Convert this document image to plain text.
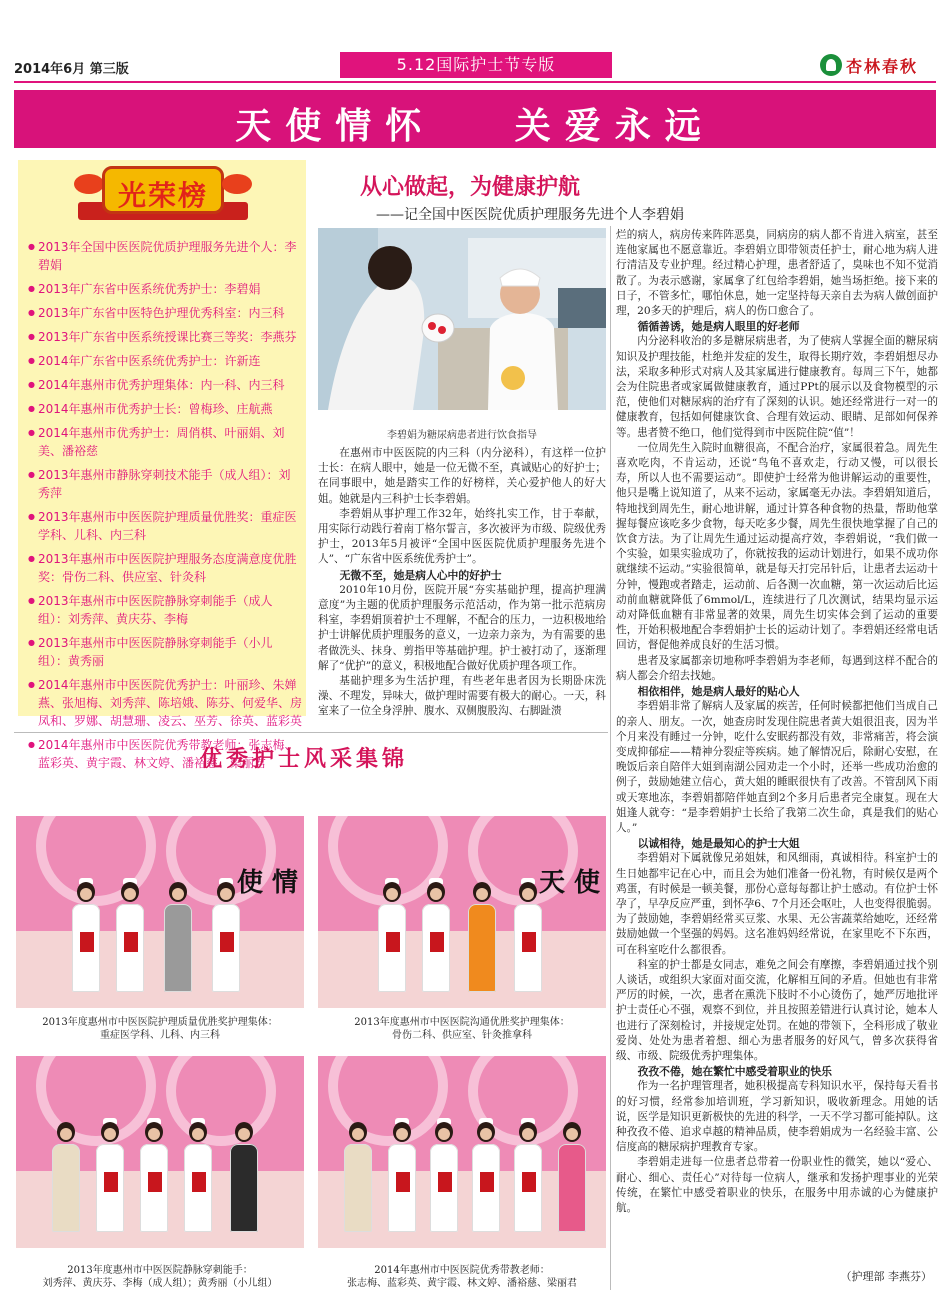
2014年6月 第三版	5.12国际护士节专版	杏林春秋
天使情怀   关爱永远
光荣榜
● 2013年全国中医医院优质护理服务先进个人：李碧娟
● 2013年广东省中医系统优秀护士：李碧娟
● 2013年广东省中医特色护理优秀科室：内三科
● 2013年广东省中医系统授课比赛三等奖：李燕芬
● 2014年广东省中医系统优秀护士：许新连
● 2014年惠州市优秀护理集体：内一科、内三科
● 2014年惠州市优秀护士长：曾梅珍、庄航燕
● 2014年惠州市优秀护士：周俏棋、叶丽娟、刘美、潘裕慈
● 2013年惠州市静脉穿刺技术能手（成人组）：刘秀萍
● 2013年惠州市中医医院护理质量优胜奖：重症医学科、儿科、内三科
● 2013年惠州市中医医院护理服务态度满意度优胜奖：骨伤二科、供应室、针灸科
● 2013年惠州市中医医院静脉穿刺能手（成人组）：刘秀萍、黄庆芬、李梅
● 2013年惠州市中医医院静脉穿刺能手（小儿组）：黄秀丽
● 2014年惠州市中医医院优秀护士：叶丽珍、朱婵燕、张旭梅、刘秀萍、陈培娥、陈芬、何爱华、房凤和、罗娜、胡慧珊、凌云、巫芳、徐英、蓝彩英
● 2014年惠州市中医医院优秀带教老师：张志梅、蓝彩英、黄宇霞、林文婷、潘裕慈、梁丽君
从心做起，为健康护航
——记全国中医医院优质护理服务先进个人李碧娟
李碧娟为糖尿病患者进行饮食指导

在惠州市中医医院的内三科（内分泌科），有这样一位护士长：在病人眼中，她是一位无微不至，真诚贴心的好护士；在同事眼中，她是踏实工作的好榜样，关心爱护他人的好大姐。她就是内三科护士长李碧娟。

李碧娟从事护理工作32年，始终扎实工作，甘于奉献，用实际行动践行着南丁格尔誓言，多次被评为市级、院级优秀护士，2013年5月被评“全国中医医院优质护理服务先进个人”、“广东省中医系统优秀护士”。

无微不至，她是病人心中的好护士

2010年10月份，医院开展“夯实基础护理，提高护理满意度”为主题的优质护理服务示范活动，作为第一批示范病房科室，李碧娟顶着护士不理解，不配合的压力，一边积极地给护士讲解优质护理服务的意义，一边亲力亲为，为有需要的患者做洗头、抹身、剪指甲等基础护理。护士被打动了，逐渐理解了“优护”的意义，积极地配合做好优质护理各项工作。

基础护理多为生活护理，有些老年患者因为长期卧床洗澡、不理发，异味大，做护理时需要有极大的耐心。一天，科室来了一位全身浮肿、腹水、双侧腹股沟、右脚趾溃

烂的病人，病房传来阵阵恶臭，同病房的病人都不肯进入病室，甚至连他家属也不愿意靠近。李碧娟立即带领责任护士，耐心地为病人进行清洁及专业护理。经过精心护理，患者舒适了，臭味也不知不觉消散了。为表示感谢，家属拿了红包给李碧娟，她当场拒绝。接下来的日子，不管多忙，哪怕休息，她一定坚持每天亲自去为病人做创面护理，20多天的护理后，病人的伤口愈合了。

循循善诱，她是病人眼里的好老师

内分泌科收治的多是糖尿病患者，为了使病人掌握全面的糖尿病知识及护理技能，杜绝并发症的发生，取得长期疗效，李碧娟想尽办法，采取多种形式对病人及其家属进行健康教育。每周三下午，她都会为住院患者或家属做健康教育，通过PPt的展示以及食物模型的示范，使他们对糖尿病的治疗有了深刻的认识。她还经常进行一对一的健康教育，包括如何健康饮食、合理有效运动、眼睛、足部如何保养等。患者赞不绝口，他们觉得到市中医院住院“值”！

一位周先生入院时血糖很高，不配合治疗，家属很着急。周先生喜欢吃肉，不肯运动，还说“鸟龟不喜欢走，行动又慢，可以很长寿，所以人也不需要运动”。即使护士经常为他讲解运动的重要性，他只是嘴上说知道了，从来不运动，家属毫无办法。李碧娟知道后，特地找到周先生，耐心地讲解，通过计算各种食物的热量，帮助他掌握每餐应该吃多少食物，每天吃多少餐，周先生很快地掌握了自己的饮食方法。为了让周先生通过运动提高疗效，李碧娟说，“我们做一个实验，如果实验成功了，你就按我的运动计划进行，如果不成功你就继续不运动。”实验很简单，就是每天打完吊针后，让患者去运动十分钟，慢跑或者踏走，运动前、后各测一次血糖，第一次运动后比运动前血糖就降低了6mmol/L，连续进行了几次测试，结果均显示运动对降低血糖有非常显著的效果，周先生切实体会到了运动的重要性，开始积极地配合李碧娟护士长的运动计划了。李碧娟还经常电话回访，督促他养成良好的生活习惯。

患者及家属都亲切地称呼李碧娟为李老师，每遇到这样不配合的病人都会介绍去找她。

相依相伴，她是病人最好的贴心人

李碧娟非常了解病人及家属的疾苦，任何时候都把他们当成自己的亲人、朋友。一次，她查房时发现住院患者黄大姐很沮丧，因为半个月来没有睡过一分钟，吃什么安眠药都没有效，非常痛苦，将会演变成抑郁症——精神分裂症等疾病。她了解情况后，除耐心安慰，在晚饭后亲自陪伴大姐到南湖公园劝走一个小时，还举一些成功治愈的例子，鼓励她建立信心，黄大姐的睡眠很快有了改善。不管刮风下雨或天寒地冻，李碧娟都陪伴她直到2个多月后患者完全康复。现在大姐逢人就夸：“是李碧娟护士长给了我第二次生命，真是我们的贴心人。”

以诚相待，她是最知心的护士大姐

李碧娟对下属就像兄弟姐妹，和风细雨，真诚相待。科室护士的生日她都牢记在心中，而且会为她们准备一份礼物，有时候仅是两个鸡蛋，有时候是一顿美餐，那份心意每每都让护士感动。有位护士怀孕了，早孕反应严重，到怀孕6、7个月还会呕吐，人也变得很脆弱。为了鼓励她，李碧娟经常买豆浆、水果、无公害蔬菜给她吃，还经常鼓励她做一个坚强的妈妈。这名准妈妈经常说，在家里吃不下东西，可在科室吃什么都很香。

科室的护士都是女同志，难免之间会有摩擦，李碧娟通过找个别人谈话，或组织大家面对面交流，化解相互间的矛盾。但她也有非常严厉的时候，一次，患者在熏洗下肢时不小心烫伤了，她严厉地批评护士责任心不强，观察不到位，并且按照差错进行认真讨论，她本人也进行了深刻检讨，并接规定处罚。在她的带领下，全科形成了敬业爱岗、处处为患者着想、细心为患者服务的好风气，曾多次获得省级、市级、院级优秀护理集体。

孜孜不倦，她在繁忙中感受着职业的快乐

作为一名护理管理者，她积极提高专科知识水平，保持每天看书的好习惯，经常参加培训班，学习新知识，吸收新理念。用她的话说，医学是知识更新极快的先进的科学，一天不学习都可能掉队。这种孜孜不倦、追求卓越的精神品质，使李碧娟成为一名经验丰富、公信度高的糖尿病护理教育专家。

李碧娟走进每一位患者总带着一份职业性的微笑，她以“爱心、耐心、细心、责任心”对待每一位病人，继承和发扬护理事业的光荣传统，在繁忙中感受着职业的快乐，在服务中用赤诚的心为健康护航。

（护理部 李燕芬）
优秀护士风采集锦
使 情
2013年度惠州市中医医院护理质量优胜奖护理集体：
重症医学科、儿科、内三科
天 使
2013年度惠州市中医医院沟通优胜奖护理集体：
骨伤二科、供应室、针灸推拿科
2013年度惠州市中医医院静脉穿刺能手：
刘秀萍、黄庆芬、李梅（成人组）；黄秀丽（小儿组）
2014年惠州市中医医院优秀带教老师：
张志梅、蓝彩英、黄宇霞、林文婷、潘裕慈、梁丽君
